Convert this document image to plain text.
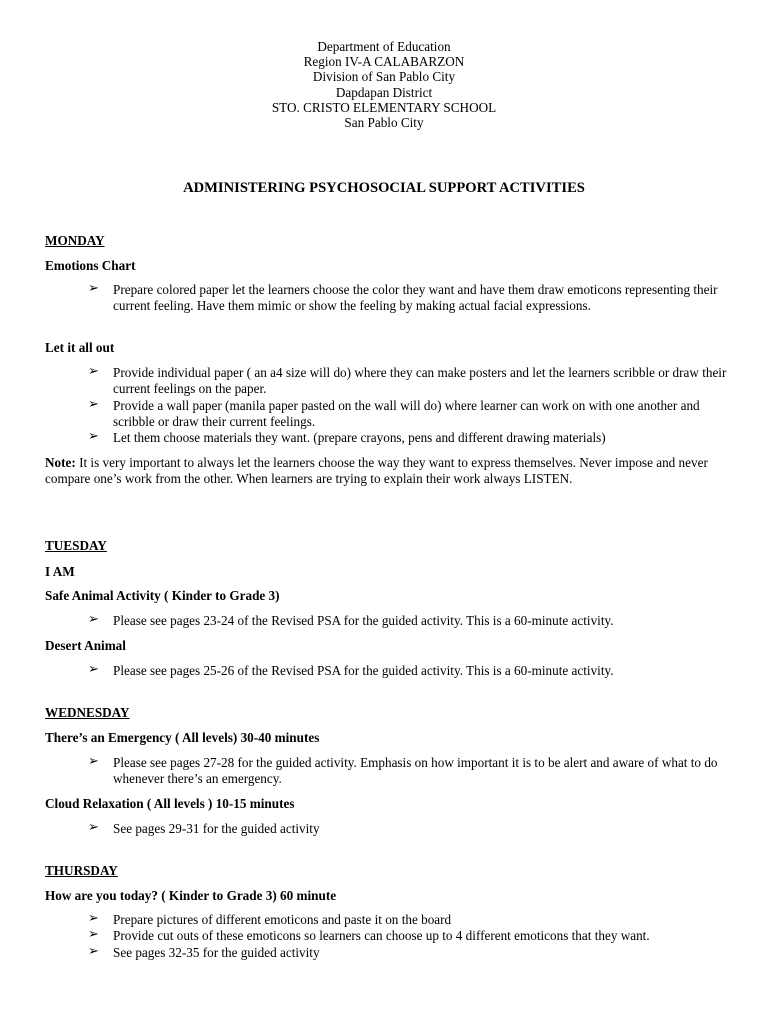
Department of Education
Region IV-A CALABARZON
Division of San Pablo City
Dapdapan District
STO. CRISTO ELEMENTARY SCHOOL
San Pablo City
ADMINISTERING PSYCHOSOCIAL SUPPORT ACTIVITIES
MONDAY
Emotions Chart
➢ Prepare colored paper let the learners choose the color they want and have them draw emoticons representing their current feeling. Have them mimic or show the feeling by making actual facial expressions.
Let it all out
➢ Provide individual paper ( an a4 size will do) where they can make posters and let the learners scribble or draw their current feelings on the paper.
➢ Provide a wall paper (manila paper pasted on the wall will do) where learner can work on with one another and scribble or draw their current feelings.
➢ Let them choose materials they want. (prepare crayons, pens and different drawing materials)
Note: It is very important to always let the learners choose the way they want to express themselves. Never impose and never compare one’s work from the other. When learners are trying to explain their work always LISTEN.
TUESDAY
I AM
Safe Animal Activity ( Kinder to Grade 3)
➢ Please see pages 23-24 of the Revised PSA for the guided activity. This is a 60-minute activity.
Desert Animal
➢ Please see pages 25-26 of the Revised PSA for the guided activity. This is a 60-minute activity.
WEDNESDAY
There’s an Emergency ( All levels) 30-40 minutes
➢ Please see pages 27-28 for the guided activity. Emphasis on how important it is to be alert and aware of what to do whenever there’s an emergency.
Cloud Relaxation ( All levels ) 10-15 minutes
➢ See pages 29-31 for the guided activity
THURSDAY
How are you today? ( Kinder to Grade 3) 60 minute
➢ Prepare pictures of different emoticons and paste it on the board
➢ Provide cut outs of these emoticons so learners can choose up to 4 different emoticons that they want.
➢ See pages 32-35 for the guided activity
